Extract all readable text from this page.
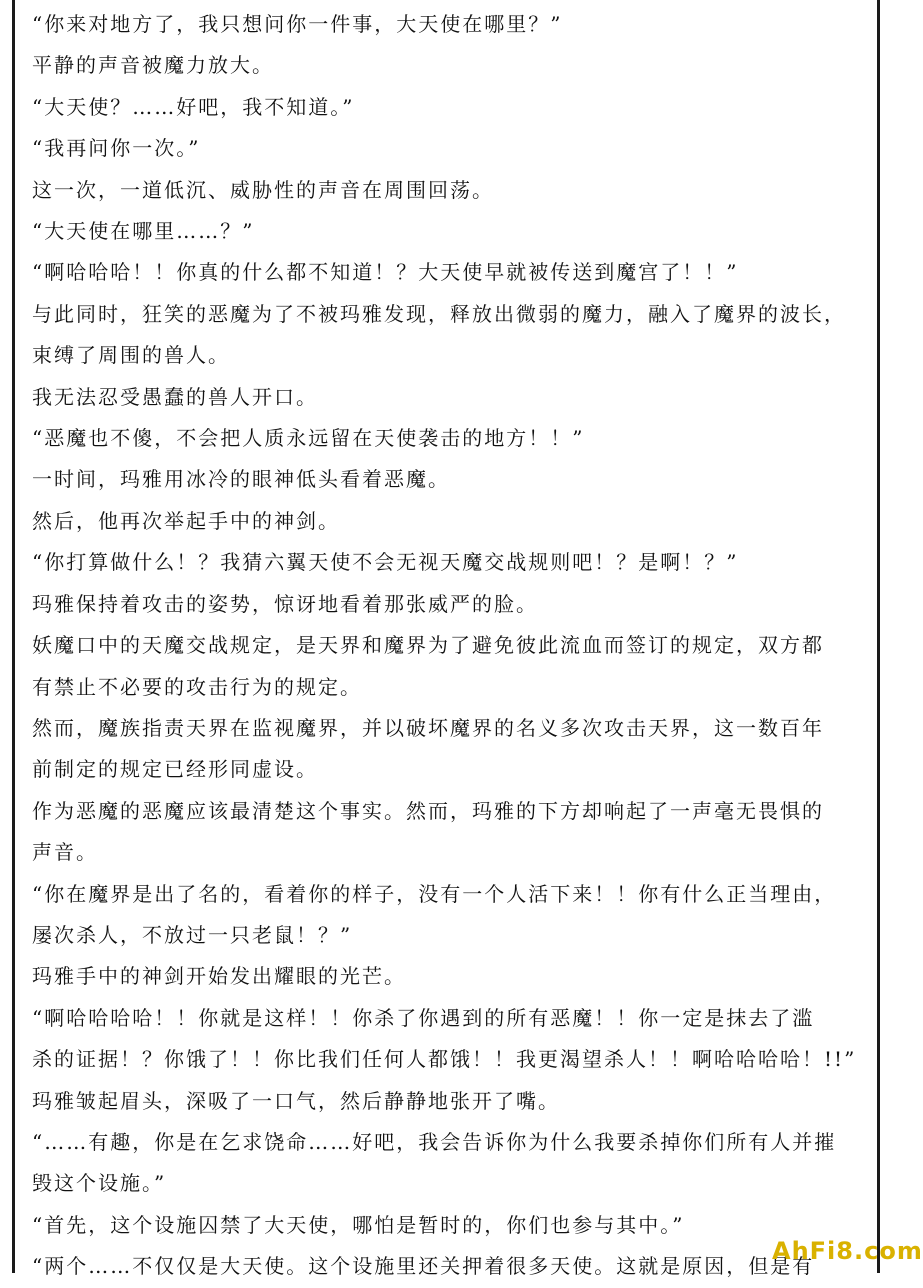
“你来对地方了，我只想问你一件事，大天使在哪里？”

平静的声音被魔力放大。

“大天使？……好吧，我不知道。”

“我再问你一次。”

这一次，一道低沉、威胁性的声音在周围回荡。

“大天使在哪里……？”

“啊哈哈哈！！你真的什么都不知道！？大天使早就被传送到魔宫了！！”

与此同时，狂笑的恶魔为了不被玛雅发现，释放出微弱的魔力，融入了魔界的波长，

束缚了周围的兽人。

我无法忍受愚蠢的兽人开口。

“恶魔也不傻，不会把人质永远留在天使袭击的地方！！”

一时间，玛雅用冰冷的眼神低头看着恶魔。

然后，他再次举起手中的神剑。

“你打算做什么！？我猜六翼天使不会无视天魔交战规则吧！？是啊！？”

玛雅保持着攻击的姿势，惊讶地看着那张威严的脸。

妖魔口中的天魔交战规定，是天界和魔界为了避免彼此流血而签订的规定，双方都

有禁止不必要的攻击行为的规定。

然而，魔族指责天界在监视魔界，并以破坏魔界的名义多次攻击天界，这一数百年

前制定的规定已经形同虚设。

作为恶魔的恶魔应该最清楚这个事实。然而，玛雅的下方却响起了一声毫无畏惧的

声音。

“你在魔界是出了名的，看着你的样子，没有一个人活下来！！你有什么正当理由，

屡次杀人，不放过一只老鼠！？”

玛雅手中的神剑开始发出耀眼的光芒。

“啊哈哈哈哈！！你就是这样！！你杀了你遇到的所有恶魔！！你一定是抹去了滥

杀的证据！？你饿了！！你比我们任何人都饿！！我更渴望杀人！！啊哈哈哈哈！!!”

玛雅皱起眉头，深吸了一口气，然后静静地张开了嘴。

“……有趣，你是在乞求饶命……好吧，我会告诉你为什么我要杀掉你们所有人并摧

毁这个设施。”

“首先，这个设施囚禁了大天使，哪怕是暂时的，你们也参与其中。”

“两个……不仅仅是大天使。这个设施里还关押着很多天使。这就是原因，但是有

AhFi8.com
